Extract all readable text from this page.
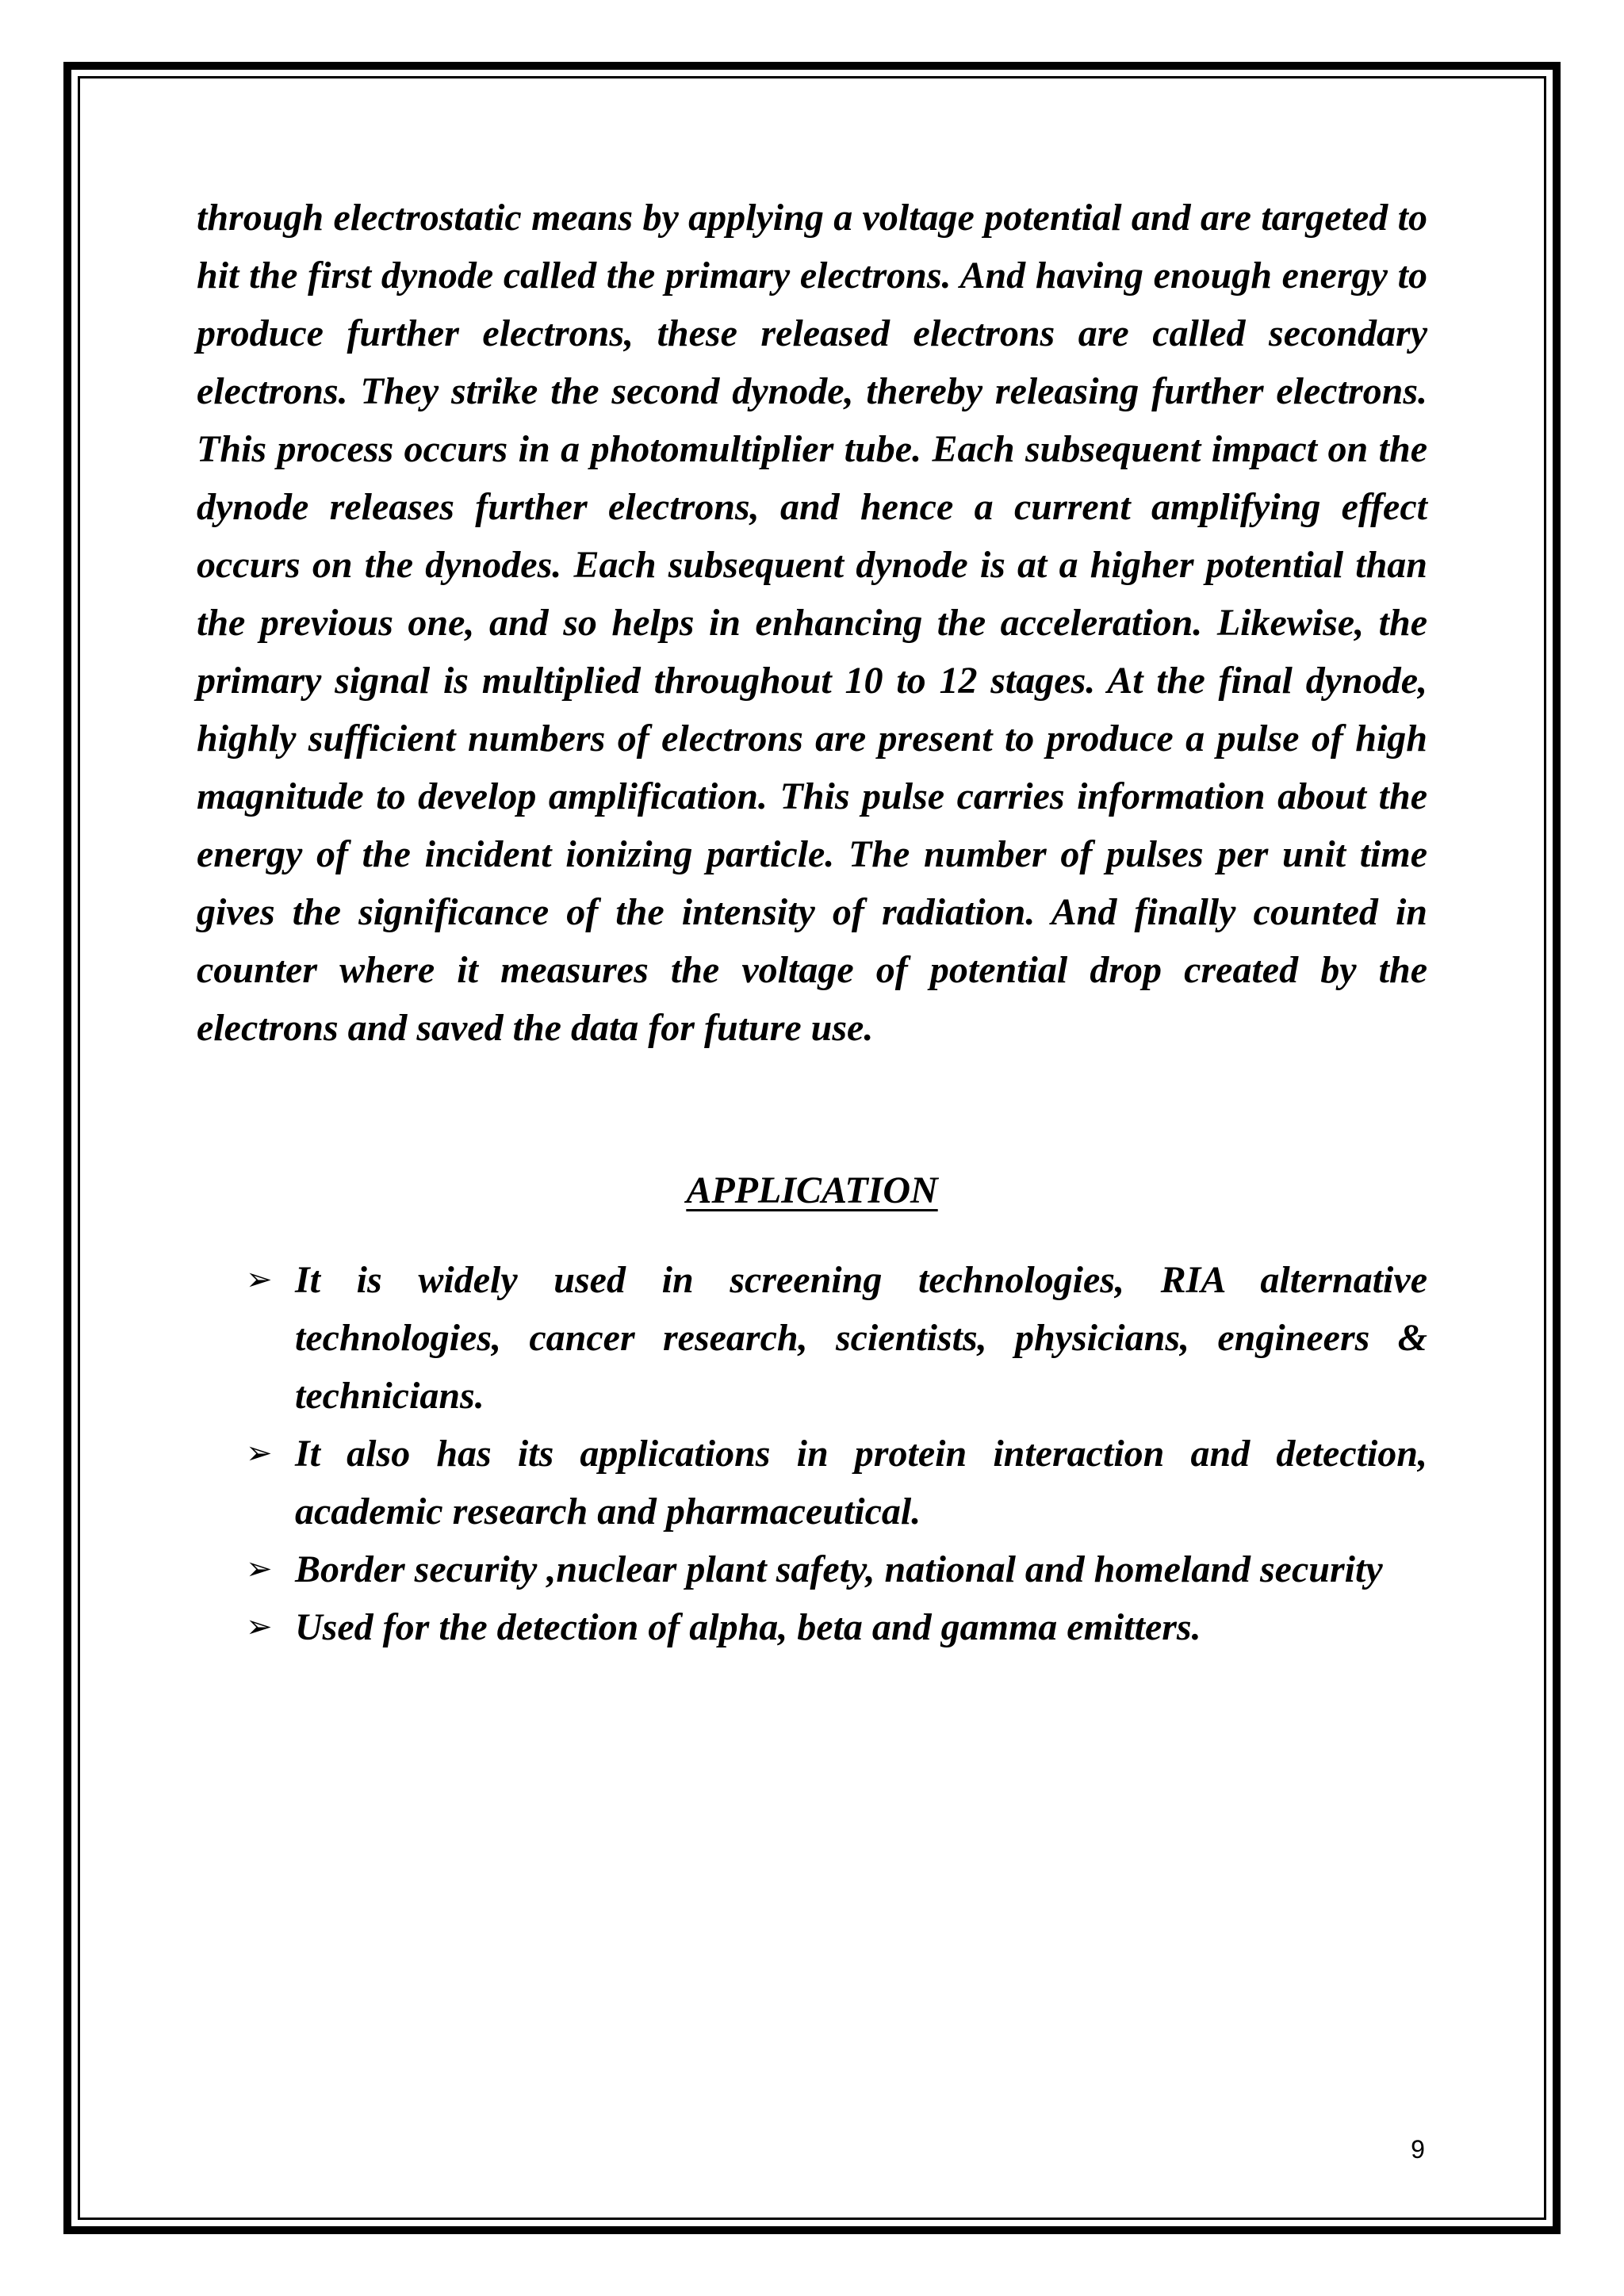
through electrostatic means by applying a voltage potential and are targeted to hit the first dynode called the primary electrons. And having enough energy to produce further electrons, these released electrons are called secondary electrons. They strike the second dynode, thereby releasing further electrons. This process occurs in a photomultiplier tube. Each subsequent impact on the dynode releases further electrons, and hence a current amplifying effect occurs on the dynodes. Each subsequent dynode is at a higher potential than the previous one, and so helps in enhancing the acceleration. Likewise, the primary signal is multiplied throughout 10 to 12 stages. At the final dynode, highly sufficient numbers of electrons are present to produce a pulse of high magnitude to develop amplification. This pulse carries information about the energy of the incident ionizing particle. The number of pulses per unit time gives the significance of the intensity of radiation. And finally counted in counter where it measures the voltage of potential drop created by the electrons and saved the data for future use.

APPLICATION
➢ It is widely used in screening technologies, RIA alternative technologies, cancer research, scientists, physicians, engineers & technicians.
➢ It also has its applications in protein interaction and detection, academic research and pharmaceutical.
➢ Border security ,nuclear plant safety, national and homeland security
➢ Used for the detection of alpha, beta and gamma emitters.
9
